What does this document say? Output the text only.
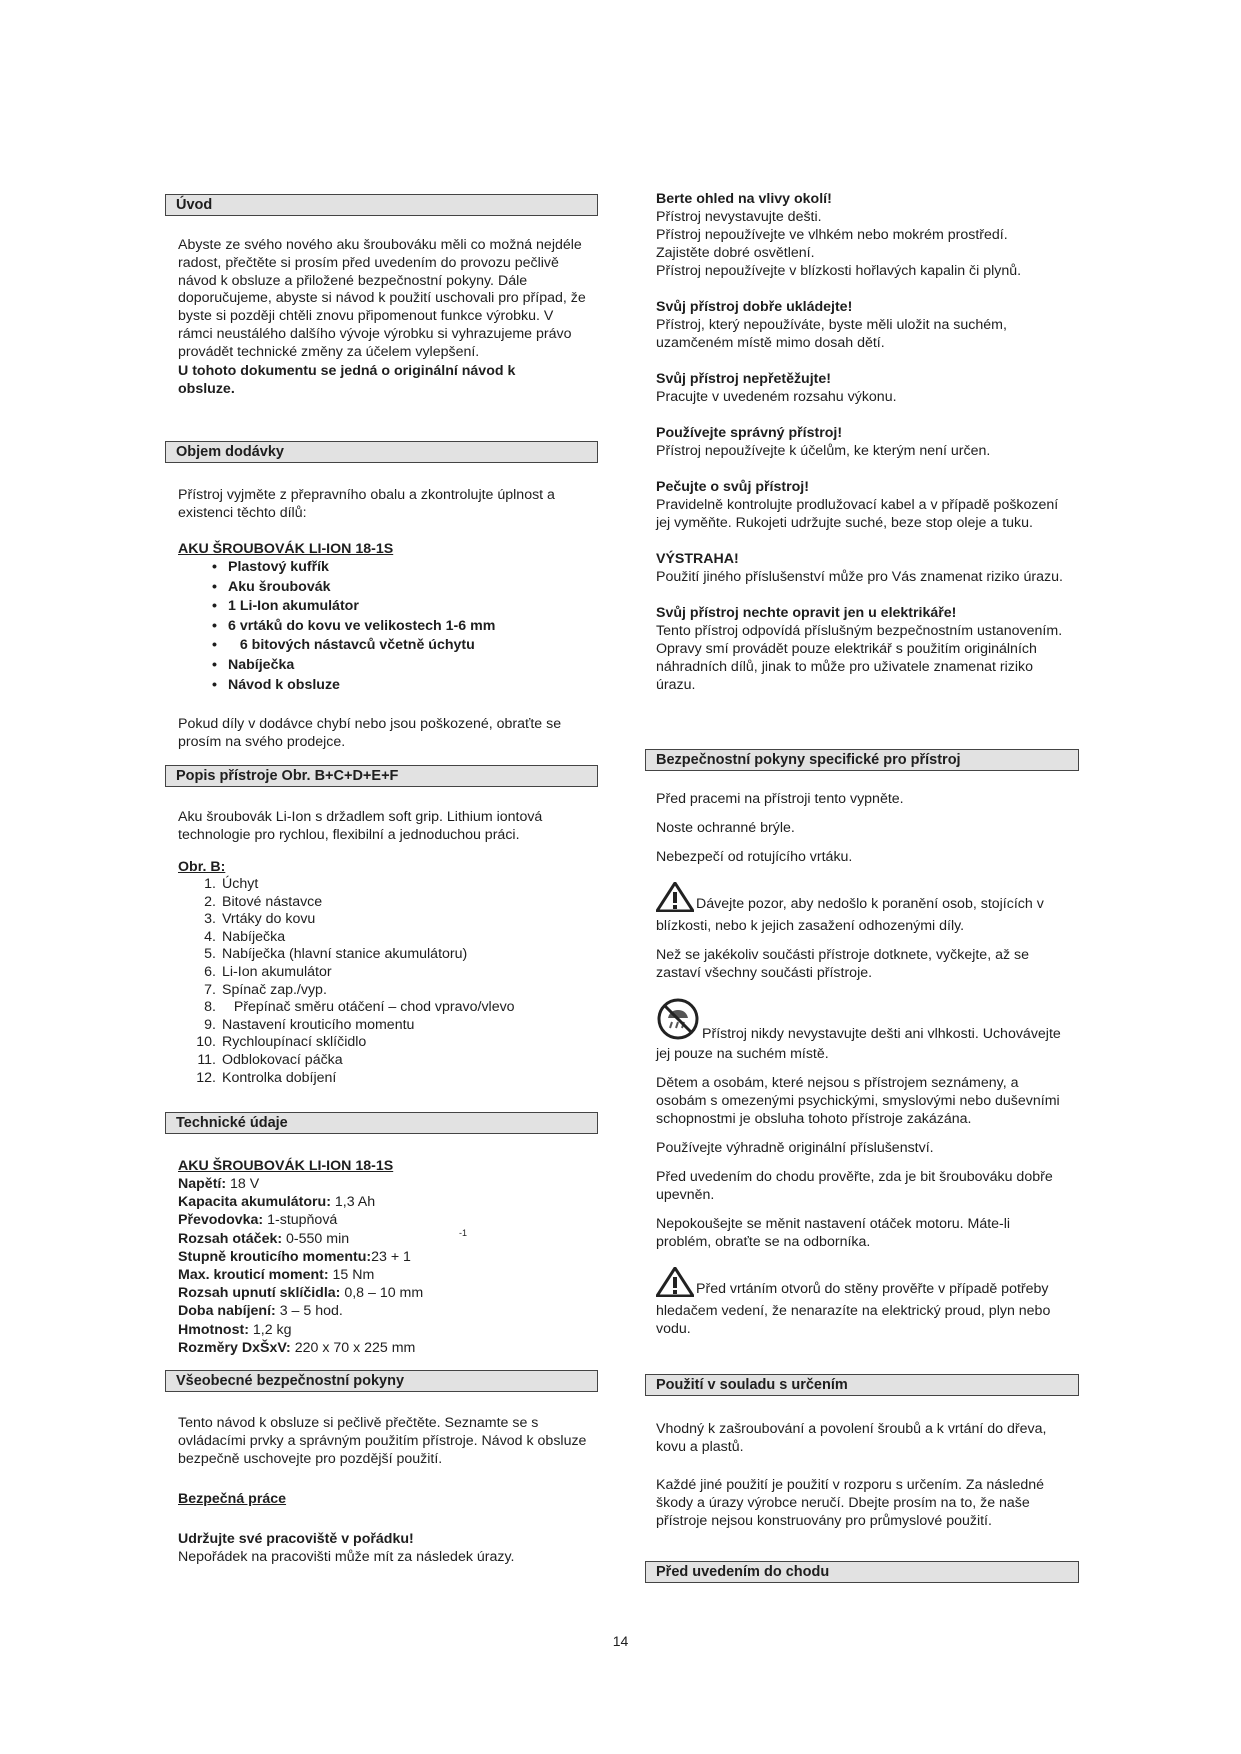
Úvod

Abyste ze svého nového aku šroubováku měli co možná nejdéle radost, přečtěte si prosím před uvedením do provozu pečlivě návod k obsluze a přiložené bezpečnostní pokyny. Dále doporučujeme, abyste si návod k použití uschovali pro případ, že byste si později chtěli znovu připomenout funkce výrobku. V rámci neustálého dalšího vývoje výrobku si vyhrazujeme právo provádět technické změny za účelem vylepšení.

U tohoto dokumentu se jedná o originální návod k obsluze.

Objem dodávky

Přístroj vyjměte z přepravního obalu a zkontrolujte úplnost a existenci těchto dílů:

AKU ŠROUBOVÁK LI-ION 18-1S

• Plastový kufřík
• Aku šroubovák
• 1 Li-Ion akumulátor
• 6 vrtáků do kovu ve velikostech 1-6 mm
•    6 bitových nástavců včetně úchytu
• Nabíječka
• Návod k obsluze

Pokud díly v dodávce chybí nebo jsou poškozené, obraťte se prosím na svého prodejce.

Popis přístroje Obr. B+C+D+E+F

Aku šroubovák Li-Ion s držadlem soft grip. Lithium iontová technologie pro rychlou, flexibilní a jednoduchou práci.

Obr. B:

1. Úchyt
2. Bitové nástavce
3. Vrtáky do kovu
4. Nabíječka
5. Nabíječka (hlavní stanice akumulátoru)
6. Li-Ion akumulátor
7. Spínač zap./vyp.
8. Přepínač směru otáčení – chod vpravo/vlevo
9. Nastavení krouticího momentu
10. Rychloupínací sklíčidlo
11. Odblokovací páčka
12. Kontrolka dobíjení
Technické údaje

AKU ŠROUBOVÁK LI-ION 18-1S

Napětí: 18 V
Kapacita akumulátoru: 1,3 Ah
Převodovka: 1-stupňová
Rozsah otáček: 0-550 min
Stupně krouticího momentu:23 + 1
Max. krouticí moment: 15 Nm
Rozsah upnutí sklíčidla: 0,8 – 10 mm
Doba nabíjení: 3 – 5 hod.
Hmotnost: 1,2 kg
Rozměry DxŠxV: 220 x 70 x 225 mm
-1
Všeobecné bezpečnostní pokyny

Tento návod k obsluze si pečlivě přečtěte. Seznamte se s ovládacími prvky a správným použitím přístroje. Návod k obsluze bezpečně uschovejte pro pozdější použití.

Bezpečná práce

Udržujte své pracoviště v pořádku!

Nepořádek na pracovišti může mít za následek úrazy.

Berte ohled na vlivy okolí!

Přístroj nevystavujte dešti.
Přístroj nepoužívejte ve vlhkém nebo mokrém prostředí.
Zajistěte dobré osvětlení.
Přístroj nepoužívejte v blízkosti hořlavých kapalin či plynů.

Svůj přístroj dobře ukládejte!

Přístroj, který nepoužíváte, byste měli uložit na suchém, uzamčeném místě mimo dosah dětí.

Svůj přístroj nepřetěžujte!

Pracujte v uvedeném rozsahu výkonu.

Používejte správný přístroj!

Přístroj nepoužívejte k účelům, ke kterým není určen.

Pečujte o svůj přístroj!

Pravidelně kontrolujte prodlužovací kabel a v případě poškození jej vyměňte. Rukojeti udržujte suché, beze stop oleje a tuku.

VÝSTRAHA!

Použití jiného příslušenství může pro Vás znamenat riziko úrazu.

Svůj přístroj nechte opravit jen u elektrikáře!

Tento přístroj odpovídá příslušným bezpečnostním ustanovením. Opravy smí provádět pouze elektrikář s použitím originálních náhradních dílů, jinak to může pro uživatele znamenat riziko úrazu.

Bezpečnostní pokyny specifické pro přístroj

Před pracemi na přístroji tento vypněte.

Noste ochranné brýle.

Nebezpečí od rotujícího vrtáku.

Dávejte pozor, aby nedošlo k poranění osob, stojících v blízkosti, nebo k jejich zasažení odhozenými díly.

Než se jakékoliv součásti přístroje dotknete, vyčkejte, až se zastaví všechny součásti přístroje.

Přístroj nikdy nevystavujte dešti ani vlhkosti. Uchovávejte jej pouze na suchém místě.

Dětem a osobám, které nejsou s přístrojem seznámeny, a osobám s omezenými psychickými, smyslovými nebo duševními schopnostmi je obsluha tohoto přístroje zakázána.

Používejte výhradně originální příslušenství.

Před uvedením do chodu prověřte, zda je bit šroubováku dobře upevněn.

Nepokoušejte se měnit nastavení otáček motoru. Máte-li problém, obraťte se na odborníka.

Před vrtáním otvorů do stěny prověřte v případě potřeby hledačem vedení, že nenarazíte na elektrický proud, plyn nebo vodu.

Použití v souladu s určením

Vhodný k zašroubování a povolení šroubů a k vrtání do dřeva, kovu a plastů.

Každé jiné použití je použití v rozporu s určením. Za následné škody a úrazy výrobce neručí. Dbejte prosím na to, že naše přístroje nejsou konstruovány pro průmyslové použití.

Před uvedením do chodu
14
